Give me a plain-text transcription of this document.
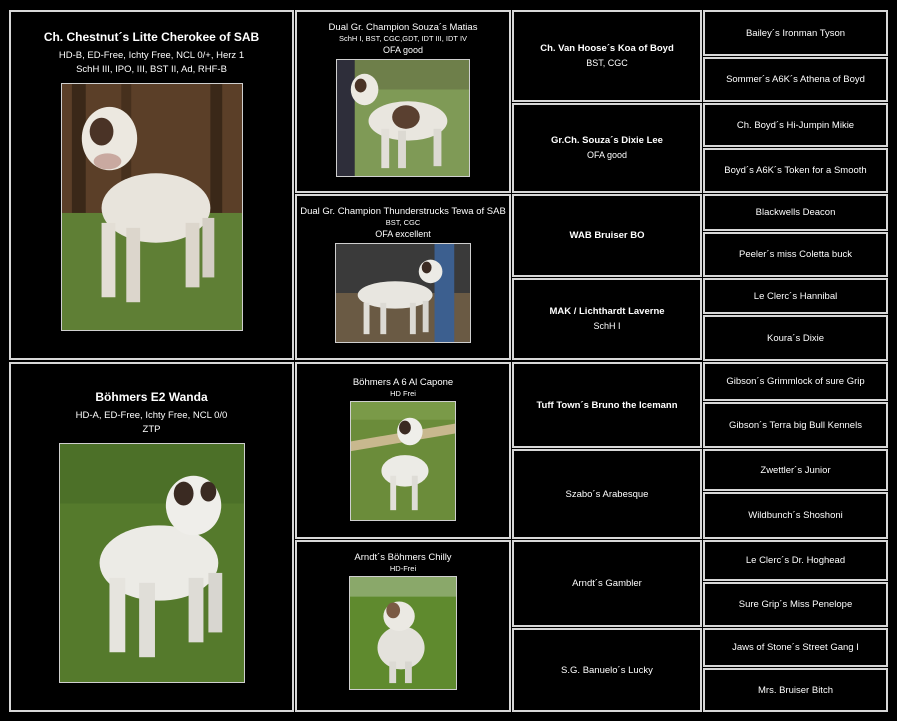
Ch. Chestnut´s Litte Cherokee of SAB
HD-B, ED-Free, Ichty Free, NCL 0/+, Herz 1
SchH III, IPO, III, BST II, Ad, RHF-B
Böhmers E2 Wanda
HD-A, ED-Free, Ichty Free, NCL 0/0
ZTP
Dual Gr. Champion Souza´s Matias
SchH I, BST, CGC,GDT, IDT III, IDT IV
OFA good
Dual Gr. Champion Thunderstrucks Tewa of SAB
BST, CGC
OFA excellent
Böhmers A 6 Al Capone
HD Frei
Arndt´s Böhmers Chilly
HD-Frei
Ch. Van Hoose´s Koa of Boyd
BST, CGC
Gr.Ch. Souza´s Dixie Lee
OFA good
WAB Bruiser BO
MAK / Lichthardt Laverne
SchH I
Tuff Town´s Bruno the Icemann
Szabo´s Arabesque
Arndt´s Gambler
S.G. Banuelo´s Lucky
Bailey´s Ironman Tyson
Sommer´s A6K´s Athena of Boyd
Ch. Boyd´s Hi-Jumpin Mikie
Boyd´s A6K´s Token for a Smooth
Blackwells Deacon
Peeler´s miss Coletta buck
Le Clerc´s Hannibal
Koura´s Dixie
Gibson´s Grimmlock of sure Grip
Gibson´s Terra big Bull Kennels
Zwettler´s Junior
Wildbunch´s Shoshoni
Le Clerc´s Dr. Hoghead
Sure Grip´s Miss Penelope
Jaws of Stone´s Street Gang I
Mrs. Bruiser Bitch
